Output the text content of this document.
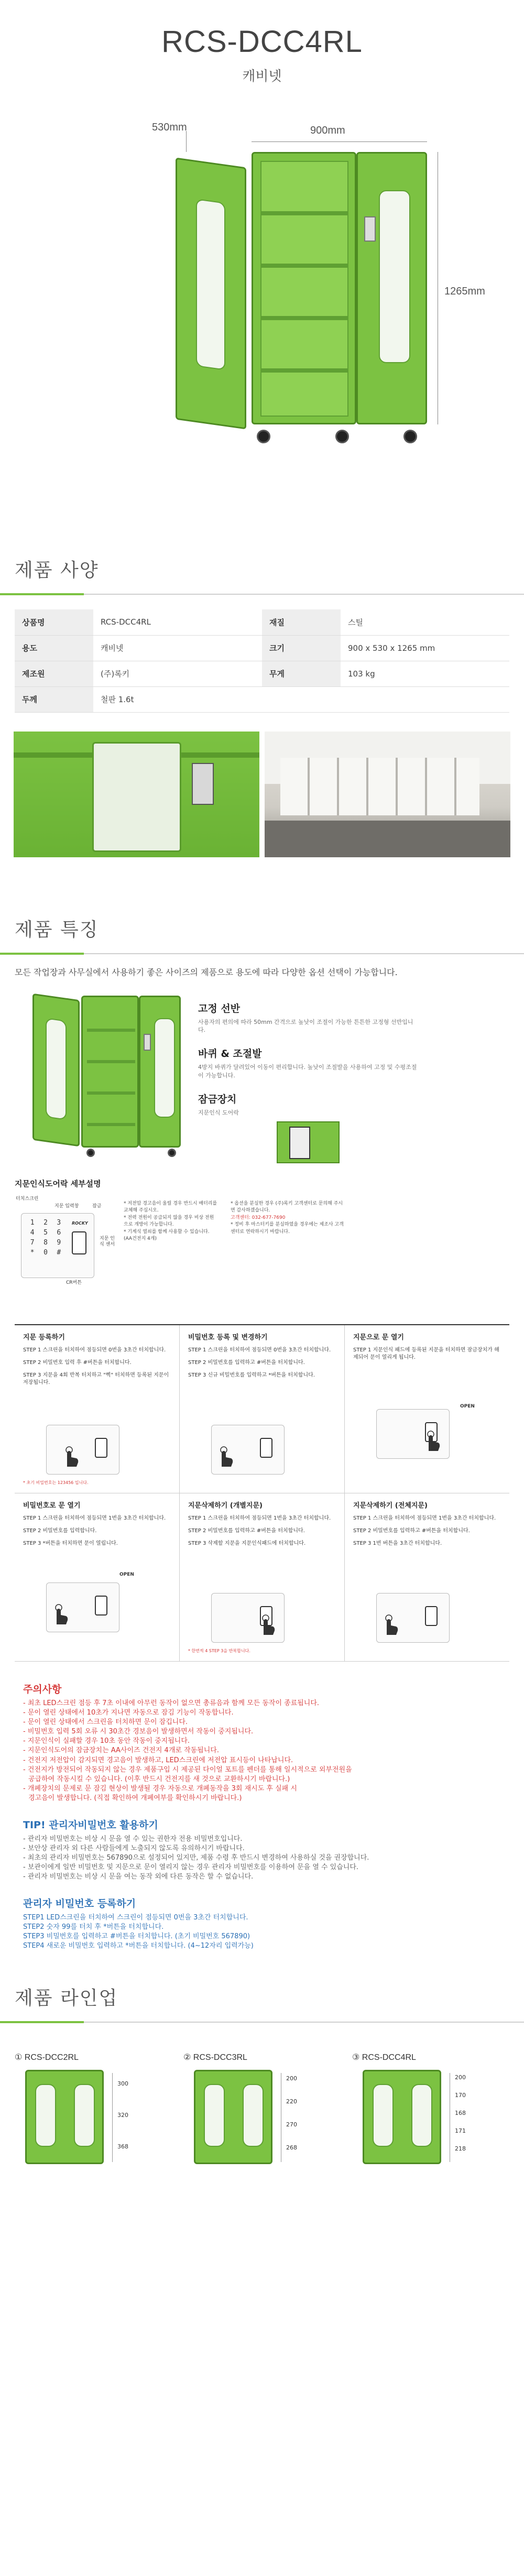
RCS-DCC4RL
캐비넷
530mm	900mm
1265mm
제품 사양
상품명	RCS-DCC4RL	재질	스틸
용도	캐비넷	크기	900 x 530 x 1265 mm
제조원	(주)록키	무게	103 kg
두께	철판 1.6t		
제품 특징
모든 작업장과 사무실에서 사용하기 좋은 사이즈의 제품으로 용도에 따라 다양한 옵션 선택이 가능합니다.
고정 선반

사용자의 편의에 따라 50mm 간격으로 높낮이 조절이 가능한 튼튼한 고정형 선반입니다.

바퀴 & 조절발

4방지 바퀴가 달려있어 이동이 편리합니다. 높낮이 조절발을 사용하여 고정 및 수평조절이 가능합니다.

잠금장치

지문인식 도어락

지문인식도어락 세부설명
터치스크린
지문 입력창	잠금
지문 인식 센서
CR버튼
1	2	3
4	5	6
7	8	9
*	0	#
ROCKY
* 저전압 경고음이 울릴 경우 반드시 배터리를 교체해 주십시오.
* 전력 전원이 공급되지 않을 경우 비상 전원으로 개방이 가능합니다.
* 기계식 열쇠를 함께 사용할 수 있습니다. (AA건전지 4개)
* 옵션을 분실한 경우 (주)록키 고객센터로 문의해 주시면 감사하겠습니다.
고객센터: 032-677-7690
* 정비 후 마스터키를 분실하였을 경우에는 제조사 고객센터로 연락하시기 바랍니다.
지문 등록하기
STEP 1 스크린을 터치하여 점등되면 0번을 3초간 터치합니다.
STEP 2 비밀번호 입력 후 #버튼을 터치합니다.
STEP 3 지문을 4회 반복 터치하고 "삑" 터치하면 등록된 지문이 저장됩니다.
* 초기 비밀번호는 123456 입니다.
비밀번호 등록 및 변경하기
STEP 1 스크린을 터치하여 점등되면 0번을 3초간 터치합니다.
STEP 2 비밀번호를 입력하고 #버튼을 터치합니다.
STEP 3 신규 비밀번호를 입력하고 *버튼을 터치합니다.
지문으로 문 열기
STEP 1 지문인식 패드에 등록된 지문을 터치하면 잠금장치가 해제되어 문이 열리게 됩니다.
OPEN
비밀번호로 문 열기
STEP 1 스크린을 터치하여 점등되면 1번을 3초간 터치합니다.
STEP 2 비밀번호를 입력합니다.
STEP 3 *버튼을 터치하면 문이 열립니다.
OPEN
지문삭제하기 (개별지문)
STEP 1 스크린을 터치하여 점등되면 1번을 3초간 터치합니다.
STEP 2 비밀번호를 입력하고 #버튼을 터치합니다.
STEP 3 삭제할 지문을 지문인식패드에 터치합니다.
* 한번씩 4 STEP 3을 반복합니다.
지문삭제하기 (전체지문)
STEP 1 스크린을 터치하여 점등되면 1번을 3초간 터치합니다.
STEP 2 비밀번호를 입력하고 #버튼을 터치합니다.
STEP 3 1번 버튼을 3초간 터치합니다.
주의사항
- 최초 LED스크린 점등 후 7초 이내에 아무런 동작이 없으면 총류음과 함께 모든 동작이 종료됩니다.
- 문이 열린 상태에서 10초가 지나면 자동으로 잠김 기능이 작동합니다.
- 문이 열린 상태에서 스크린을 터치하면 문이 잠깁니다.
- 비밀번호 입력 5회 오류 시 30초간 경보음이 발생하면서 작동이 중지됩니다.
- 지문인식이 실패할 경우 10초 동안 작동이 중지됩니다.
- 지문인식도어의 잠금장치는 AA사이즈 건전지 4개로 작동됩니다.
- 건전지 저전압이 감지되면 경고음이 발생하고, LED스크린에 저전압 표시등이 나타납니다.
- 건전지가 방전되어 작동되지 않는 경우 제품구입 시 제공된 다이얼 포트를 펜더를 통해 일시적으로 외부전원을
공급하여 작동시킬 수 있습니다. (이후 반드시 건전지를 새 것으로 교환하시기 바랍니다.)
- 개폐장치의 문제로 문 잠김 현상이 발생될 경우 자동으로 개폐동작을 3회 재시도 후 실패 시
경고음이 발생합니다. (직접 확인하여 개폐여부를 확인하시기 바랍니다.)
TIP! 관리자비밀번호 활용하기
- 관리자 비밀번호는 비상 시 문을 열 수 있는 권한자 전용 비밀번호입니다.
- 보안상 관리자 외 다른 사람들에게 노출되지 않도록 유의하시기 바랍니다.
- 최초의 관리자 비밀번호는 567890으로 설정되어 있지만, 제품 수령 후 반드시 변경하여 사용하실 것을 권장합니다.
- 보관이에게 일반 비밀번호 및 지문으로 문이 열리지 않는 경우 관리자 비밀번호를 이용하여 문을 열 수 있습니다.
- 관리자 비밀번호는 비상 시 문을 여는 동작 외에 다른 동작은 할 수 없습니다.
관리자 비밀번호 등록하기
STEP1 LED스크린을 터치하여 스크린이 점등되면 0번을 3초간 터치합니다.
STEP2 숫자 99를 터치 후 *버튼을 터치합니다.
STEP3 비밀번호를 입력하고 #버튼을 터치합니다. (초기 비밀번호 567890)
STEP4 새로운 비밀번호 입력하고 *버튼을 터치합니다. (4~12자리 입력가능)
제품 라인업
① RCS-DCC2RL
300
320
368
② RCS-DCC3RL
200
220
270
268
③ RCS-DCC4RL
200
170
168
171
218
